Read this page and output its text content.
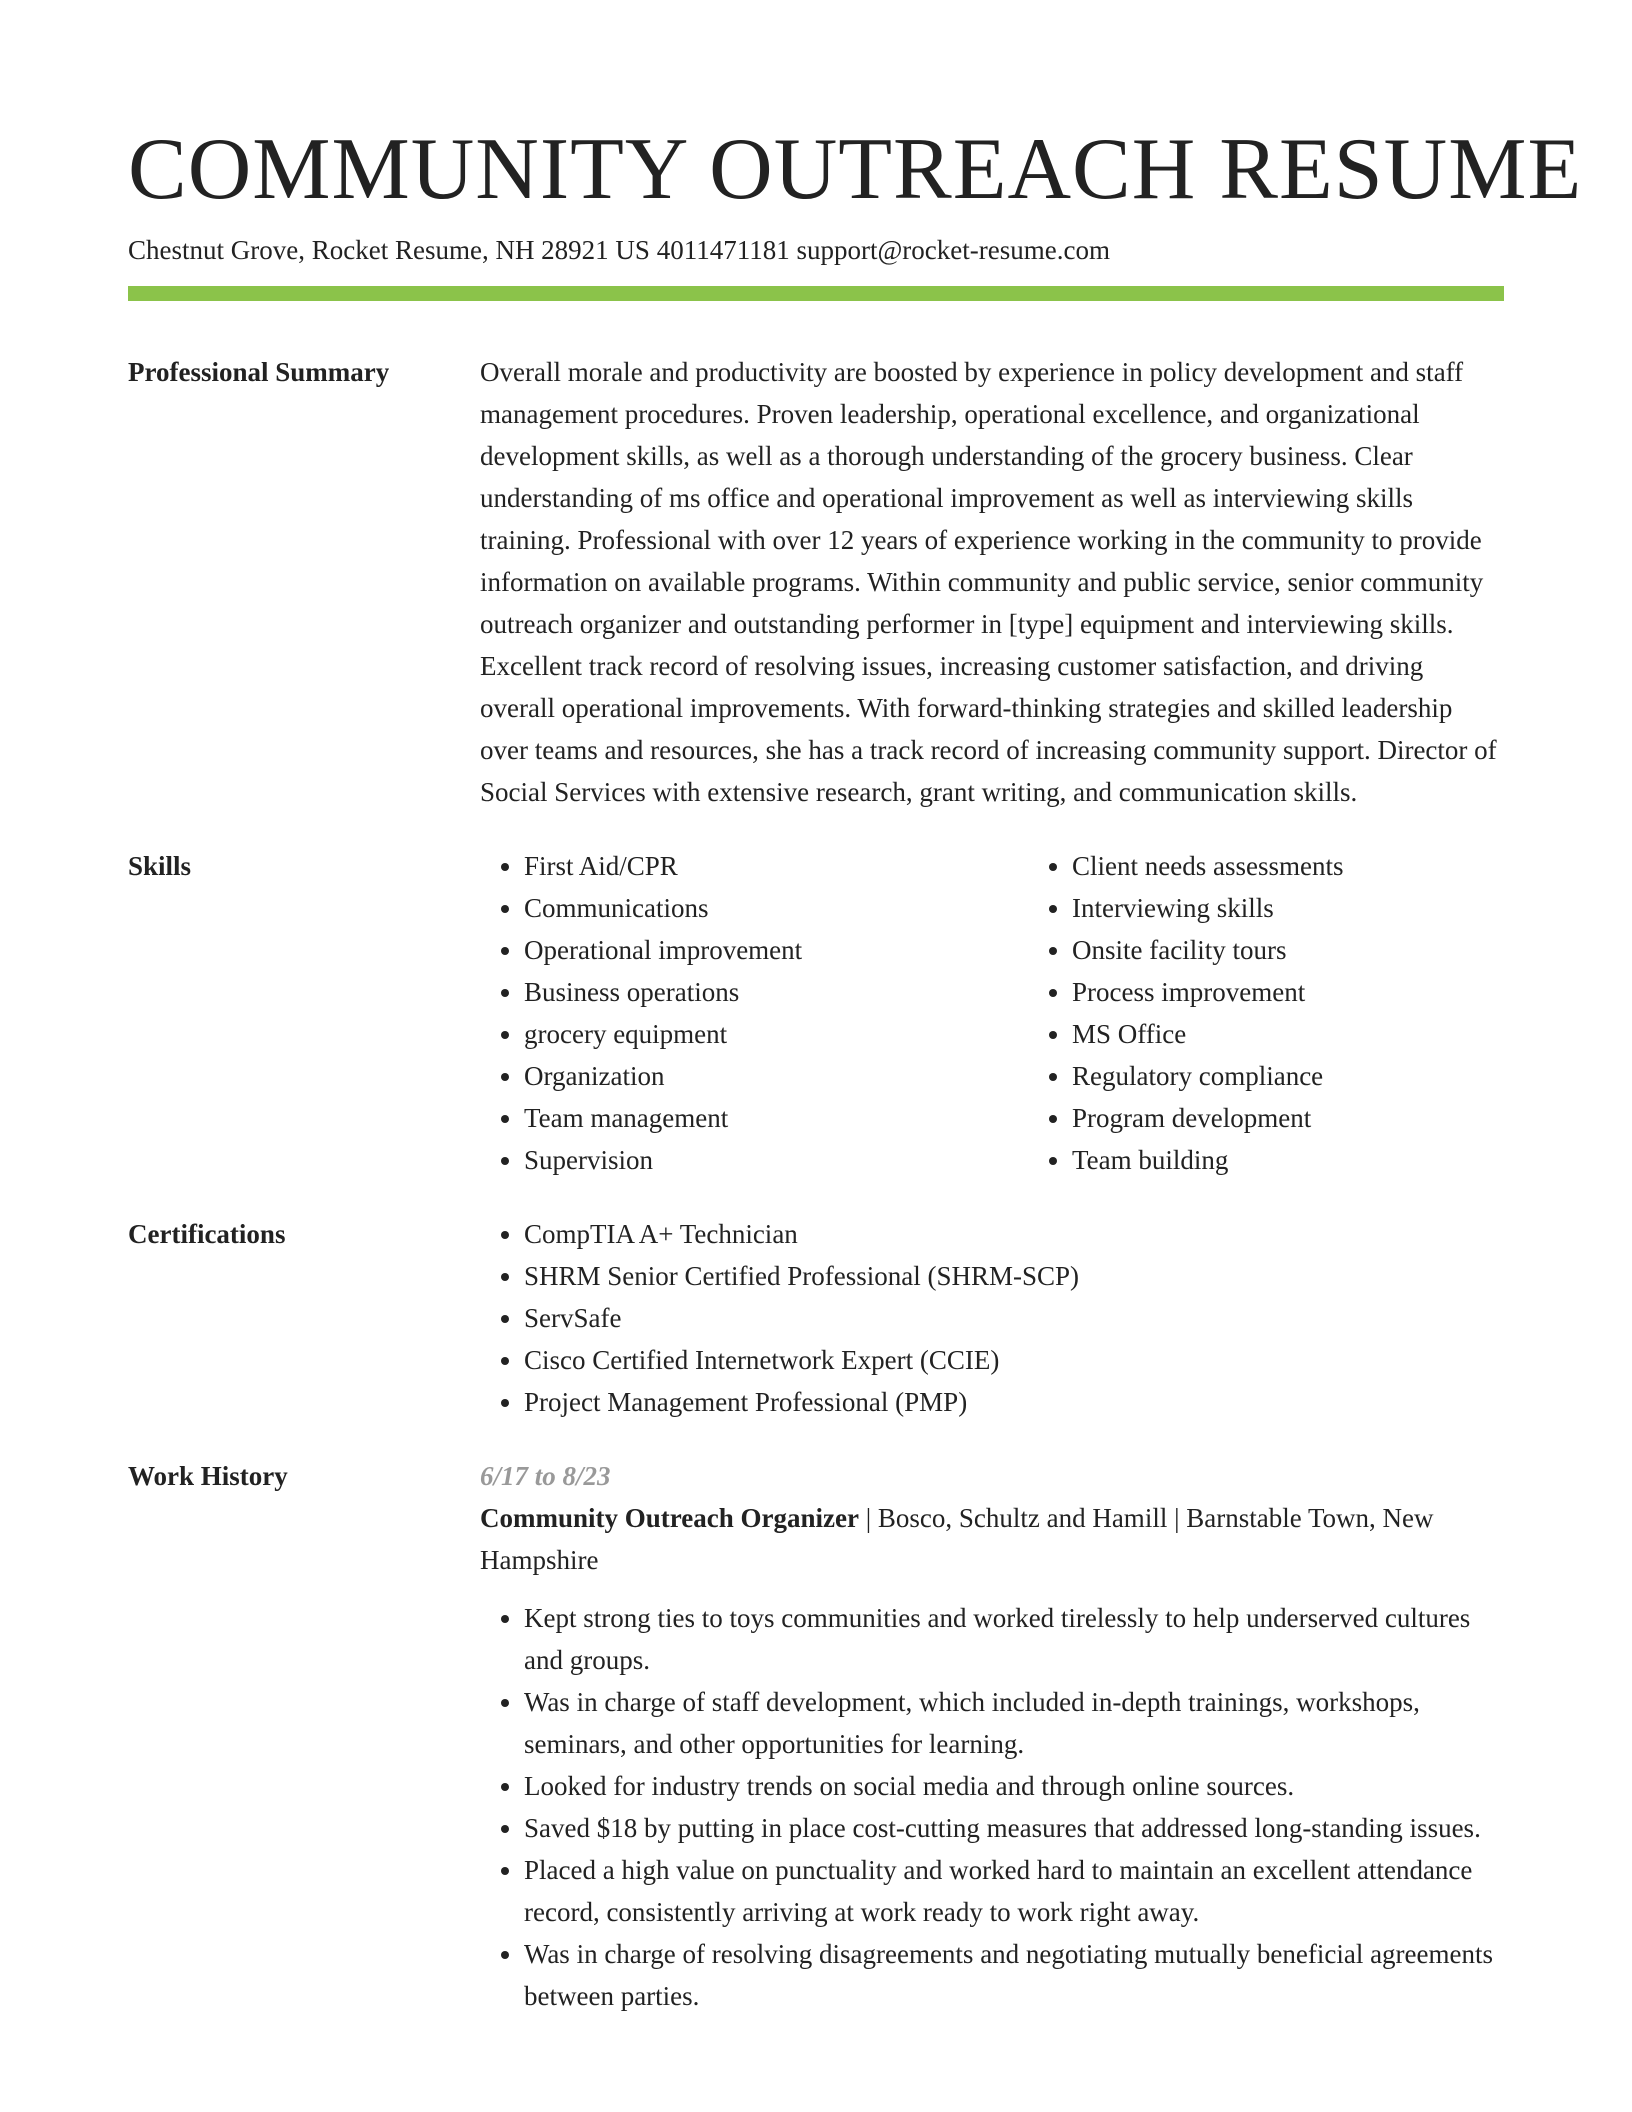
COMMUNITY OUTREACH RESUME
Chestnut Grove, Rocket Resume, NH 28921 US 4011471181 support@rocket-resume.com
Professional Summary	Overall morale and productivity are boosted by experience in policy development and staff management procedures. Proven leadership, operational excellence, and organizational development skills, as well as a thorough understanding of the grocery business. Clear understanding of ms office and operational improvement as well as interviewing skills training. Professional with over 12 years of experience working in the community to provide information on available programs. Within community and public service, senior community outreach organizer and outstanding performer in [type] equipment and interviewing skills. Excellent track record of resolving issues, increasing customer satisfaction, and driving overall operational improvements. With forward-thinking strategies and skilled leadership over teams and resources, she has a track record of increasing community support. Director of Social Services with extensive research, grant writing, and communication skills.
Skills	• First Aid/CPR
• Communications
• Operational improvement
• Business operations
• grocery equipment
• Organization
• Team management
• Supervision
• Client needs assessments
• Interviewing skills
• Onsite facility tours
• Process improvement
• MS Office
• Regulatory compliance
• Program development
• Team building
Certifications	• CompTIA A+ Technician
• SHRM Senior Certified Professional (SHRM-SCP)
• ServSafe
• Cisco Certified Internetwork Expert (CCIE)
• Project Management Professional (PMP)
Work History	6/17 to 8/23
Community Outreach Organizer | Bosco, Schultz and Hamill | Barnstable Town, New Hampshire
• Kept strong ties to toys communities and worked tirelessly to help underserved cultures and groups.
• Was in charge of staff development, which included in-depth trainings, workshops, seminars, and other opportunities for learning.
• Looked for industry trends on social media and through online sources.
• Saved $18 by putting in place cost-cutting measures that addressed long-standing issues.
• Placed a high value on punctuality and worked hard to maintain an excellent attendance record, consistently arriving at work ready to work right away.
• Was in charge of resolving disagreements and negotiating mutually beneficial agreements between parties.
